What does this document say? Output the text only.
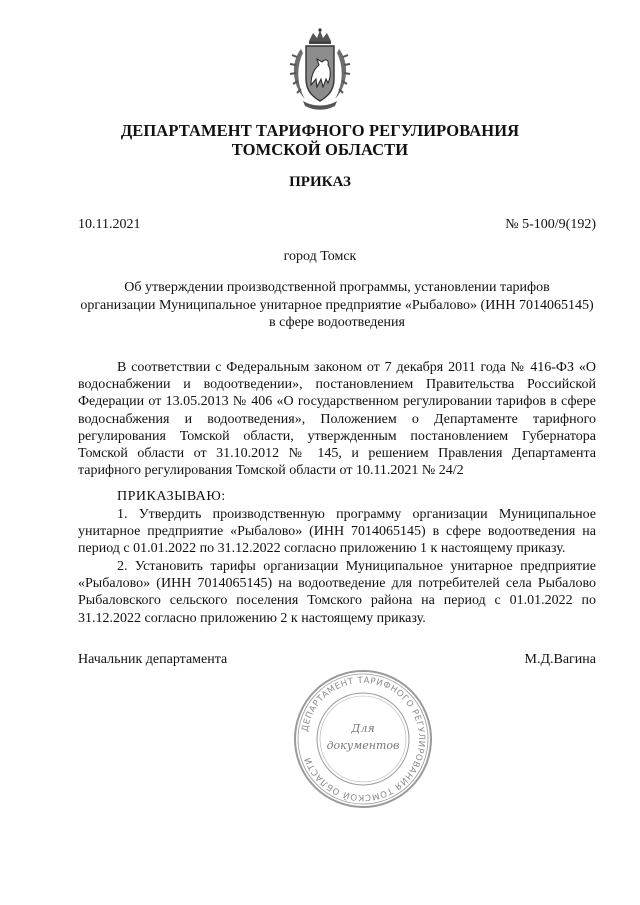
ДЕПАРТАМЕНТ ТАРИФНОГО РЕГУЛИРОВАНИЯ
ТОМСКОЙ ОБЛАСТИ
ПРИКАЗ
10.11.2021	№ 5-100/9(192)
город Томск
Об утверждении производственной программы, установлении тарифов
организации Муниципальное унитарное предприятие «Рыбалово» (ИНН 7014065145)
в сфере водоотведения
В соответствии с Федеральным законом от 7 декабря 2011 года № 416-ФЗ «О водоснабжении и водоотведении», постановлением Правительства Российской Федерации от 13.05.2013 № 406 «О государственном регулировании тарифов в сфере водоснабжения и водоотведения», Положением о Департаменте тарифного регулирования Томской области, утвержденным постановлением Губернатора Томской области от 31.10.2012 № 145, и решением Правления Департамента тарифного регулирования Томской области от 10.11.2021 № 24/2
ПРИКАЗЫВАЮ:
1. Утвердить производственную программу организации Муниципальное унитарное предприятие «Рыбалово» (ИНН 7014065145) в сфере водоотведения на период с 01.01.2022 по 31.12.2022 согласно приложению 1 к настоящему приказу.
2. Установить тарифы организации Муниципальное унитарное предприятие «Рыбалово» (ИНН 7014065145) на водоотведение для потребителей села Рыбалово Рыбаловского сельского поселения Томского района на период с 01.01.2022 по 31.12.2022 согласно приложению 2 к настоящему приказу.
Начальник департамента	М.Д.Вагина
ДЕПАРТАМЕНТ ТАРИФНОГО РЕГУЛИРОВАНИЯ ТОМСКОЙ ОБЛАСТИ
Для
документов
